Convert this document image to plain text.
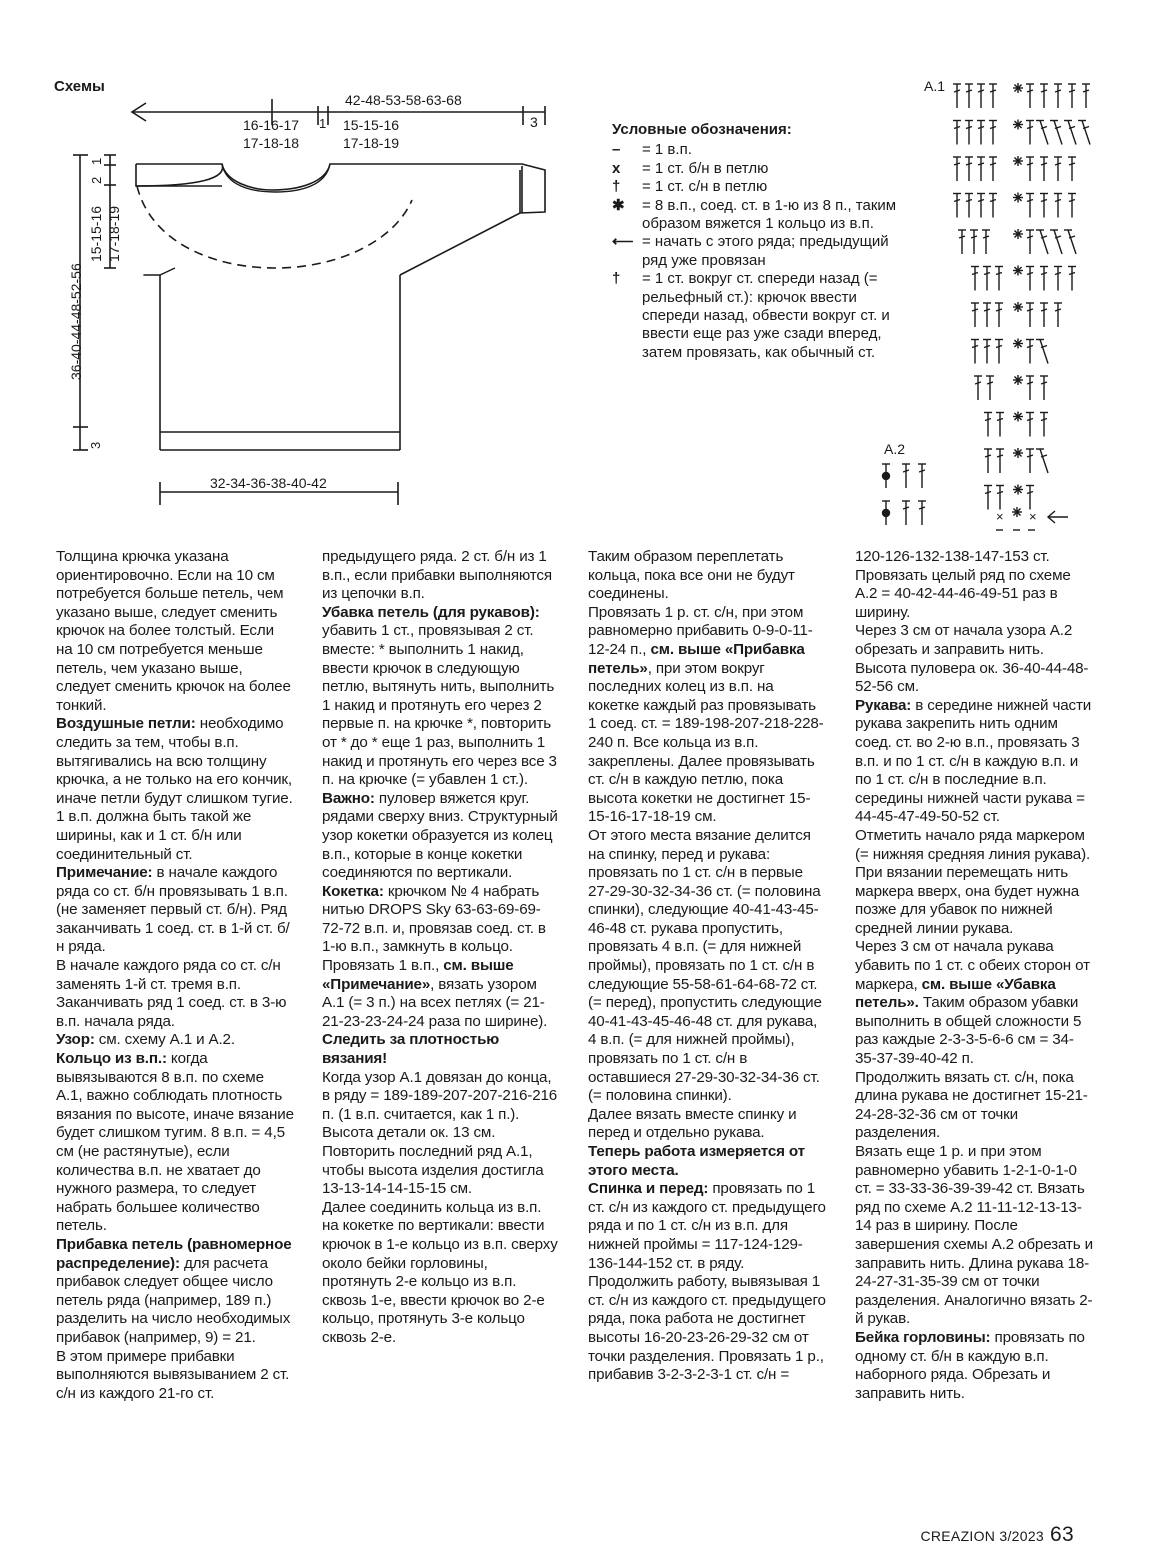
× ×
Схемы
42-48-53-58-63-68
16-16-17
17-18-18
1 15-15-16
17-18-19
3
36-40-44-48-52-56
1
2
15-15-16 17-18-19
3
32-34-36-38-40-42
A.1
A.2
Условные обозначения:
–	= 1 в.п.
x	= 1 ст. б/н в петлю
†	= 1 ст. с/н в петлю
✱	= 8 в.п., соед. ст. в 1-ю из 8 п., таким образом вяжется 1 кольцо из в.п.
⟵ = начать с этого ряда; предыдущий ряд уже провязан
†	= 1 ст. вокруг ст. спереди назад (= рельефный ст.): крючок ввести спереди назад, обвести вокруг ст. и ввести еще раз уже сзади вперед, затем провязать, как обычный ст.

Толщина крючка указана ориентировочно. Если на 10 см потребуется больше петель, чем указано выше, следует сменить крючок на более толстый. Если на 10 см потребуется меньше петель, чем указано выше, следует сменить крючок на более тонкий.

Воздушные петли: необходимо следить за тем, чтобы в.п. вытягивались на всю толщину крючка, а не только на его кончик, иначе петли будут слишком тугие. 1 в.п. должна быть такой же ширины, как и 1 ст. б/н или соединительный ст.

Примечание: в начале каждого ряда со ст. б/н провязывать 1 в.п. (не заменяет первый ст. б/н). Ряд заканчивать 1 соед. ст. в 1-й ст. б/н ряда.

В начале каждого ряда со ст. с/н заменять 1-й ст. тремя в.п. Заканчивать ряд 1 соед. ст. в 3-ю в.п. начала ряда.

Узор: см. схему А.1 и А.2.

Кольцо из в.п.: когда вывязываются 8 в.п. по схеме А.1, важно соблюдать плотность вязания по высоте, иначе вязание будет слишком тугим. 8 в.п. = 4,5 см (не растянутые), если количества в.п. не хватает до нужного размера, то следует набрать большее количество петель.

Прибавка петель (равномерное распределение): для расчета прибавок следует общее число петель ряда (например, 189 п.) разделить на число необходимых прибавок (например, 9) = 21.

В этом примере прибавки выполняются вывязыванием 2 ст. с/н из каждого 21-го ст.

предыдущего ряда. 2 ст. б/н из 1 в.п., если прибавки выполняются из цепочки в.п.

Убавка петель (для рукавов): убавить 1 ст., провязывая 2 ст. вместе: * выполнить 1 накид, ввести крючок в следующую петлю, вытянуть нить, выполнить 1 накид и протянуть его через 2 первые п. на крючке *, повторить от * до * еще 1 раз, выполнить 1 накид и протянуть его через все 3 п. на крючке (= убавлен 1 ст.).

Важно: пуловер вяжется круг. рядами сверху вниз. Структурный узор кокетки образуется из колец в.п., которые в конце кокетки соединяются по вертикали.

Кокетка: крючком № 4 набрать нитью DROPS Sky 63-63-69-69-72-72 в.п. и, провязав соед. ст. в 1-ю в.п., замкнуть в кольцо.

Провязать 1 в.п., см. выше «Примечание», вязать узором А.1 (= 3 п.) на всех петлях (= 21-21-23-23-24-24 раза по ширине).

Следить за плотностью вязания!

Когда узор А.1 довязан до конца, в ряду = 189-189-207-207-216-216 п. (1 в.п. считается, как 1 п.). Высота детали ок. 13 см. Повторить последний ряд А.1, чтобы высота изделия достигла 13-13-14-14-15-15 см.

Далее соединить кольца из в.п. на кокетке по вертикали: ввести крючок в 1-е кольцо из в.п. сверху около бейки горловины, протянуть 2-е кольцо из в.п. сквозь 1-е, ввести крючок во 2-е кольцо, протянуть 3-е кольцо сквозь 2-е.

Таким образом переплетать кольца, пока все они не будут соединены.

Провязать 1 р. ст. с/н, при этом равномерно прибавить 0-9-0-11-12-24 п., см. выше «Прибавка петель», при этом вокруг последних колец из в.п. на кокетке каждый раз провязывать 1 соед. ст. = 189-198-207-218-228-240 п. Все кольца из в.п. закреплены. Далее провязывать ст. с/н в каждую петлю, пока высота кокетки не достигнет 15-15-16-17-18-19 см.

От этого места вязание делится на спинку, перед и рукава: провязать по 1 ст. с/н в первые 27-29-30-32-34-36 ст. (= половина спинки), следующие 40-41-43-45-46-48 ст. рукава пропустить, провязать 4 в.п. (= для нижней проймы), провязать по 1 ст. с/н в следующие 55-58-61-64-68-72 ст. (= перед), пропустить следующие 40-41-43-45-46-48 ст. для рукава, 4 в.п. (= для нижней проймы), провязать по 1 ст. с/н в оставшиеся 27-29-30-32-34-36 ст. (= половина спинки).

Далее вязать вместе спинку и перед и отдельно рукава.

Теперь работа измеряется от этого места.

Спинка и перед: провязать по 1 ст. с/н из каждого ст. предыдущего ряда и по 1 ст. с/н из в.п. для нижней проймы = 117-124-129-136-144-152 ст. в ряду.

Продолжить работу, вывязывая 1 ст. с/н из каждого ст. предыдущего ряда, пока работа не достигнет высоты 16-20-23-26-29-32 см от точки разделения. Провязать 1 р., прибавив 3-2-3-2-3-1 ст. с/н =

120-126-132-138-147-153 ст. Провязать целый ряд по схеме А.2 = 40-42-44-46-49-51 раз в ширину.

Через 3 см от начала узора А.2 обрезать и заправить нить. Высота пуловера ок. 36-40-44-48-52-56 см.

Рукава: в середине нижней части рукава закрепить нить одним соед. ст. во 2-ю в.п., провязать 3 в.п. и по 1 ст. с/н в каждую в.п. и по 1 ст. с/н в последние в.п. середины нижней части рукава = 44-45-47-49-50-52 ст.

Отметить начало ряда маркером (= нижняя средняя линия рукава).

При вязании перемещать нить маркера вверх, она будет нужна позже для убавок по нижней средней линии рукава.

Через 3 см от начала рукава убавить по 1 ст. с обеих сторон от маркера, см. выше «Убавка петель». Таким образом убавки выполнить в общей сложности 5 раз каждые 2-3-3-5-6-6 см = 34-35-37-39-40-42 п.

Продолжить вязать ст. с/н, пока длина рукава не достигнет 15-21-24-28-32-36 см от точки разделения.

Вязать еще 1 р. и при этом равномерно убавить 1-2-1-0-1-0 ст. = 33-33-36-39-39-42 ст. Вязать ряд по схеме А.2 11-11-12-13-13-14 раз в ширину. После завершения схемы А.2 обрезать и заправить нить. Длина рукава 18-24-27-31-35-39 см от точки разделения. Аналогично вязать 2-й рукав.

Бейка горловины: провязать по одному ст. б/н в каждую в.п. наборного ряда. Обрезать и заправить нить.

CREAZION 3/2023 63
